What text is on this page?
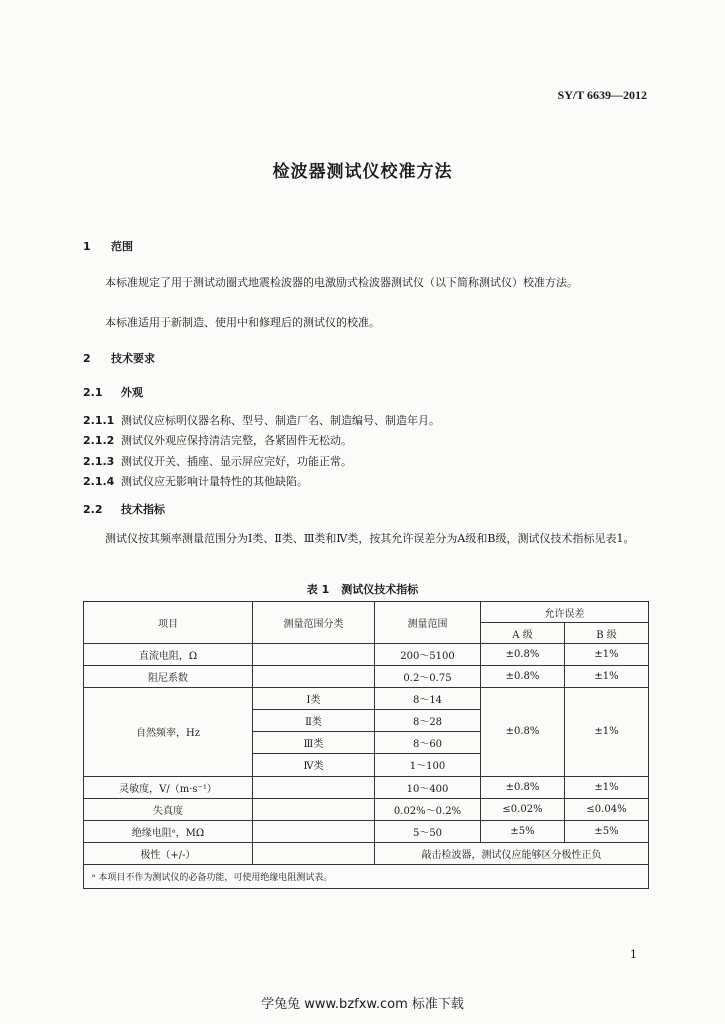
SY/T 6639—2012
检波器测试仪校准方法
1 范围
本标准规定了用于测试动圈式地震检波器的电激励式检波器测试仪（以下简称测试仪）校准方法。
本标准适用于新制造、使用中和修理后的测试仪的校准。
2 技术要求
2.1 外观
2.1.1 测试仪应标明仪器名称、型号、制造厂名、制造编号、制造年月。
2.1.2 测试仪外观应保持清洁完整，各紧固件无松动。
2.1.3 测试仪开关、插座、显示屏应完好，功能正常。
2.1.4 测试仪应无影响计量特性的其他缺陷。
2.2 技术指标
测试仪按其频率测量范围分为Ⅰ类、Ⅱ类、Ⅲ类和Ⅳ类，按其允许误差分为A级和B级，测试仪技术指标见表1。
表 1 测试仪技术指标
项目	测量范围分类	测量范围	允许误差	
			A 级	B 级
直流电阻，Ω		200～5100	±0.8%	±1%
阻尼系数		0.2～0.75	±0.8%	±1%
自然频率，Hz	Ⅰ类	8～14	±0.8%	±1%
	Ⅱ类	8～28		
	Ⅲ类	8～60		
	Ⅳ类	1～100		
灵敏度，V/（m·s⁻¹）		10～400	±0.8%	±1%
失真度		0.02%～0.2%	≤0.02%	≤0.04%
绝缘电阻ᵃ，MΩ		5～50	±5%	±5%
极性（+/-）		敲击检波器，测试仪应能够区分极性正负		
ᵃ 本项目不作为测试仪的必备功能，可使用绝缘电阻测试表。				
1
学兔兔 www.bzfxw.com 标准下载
